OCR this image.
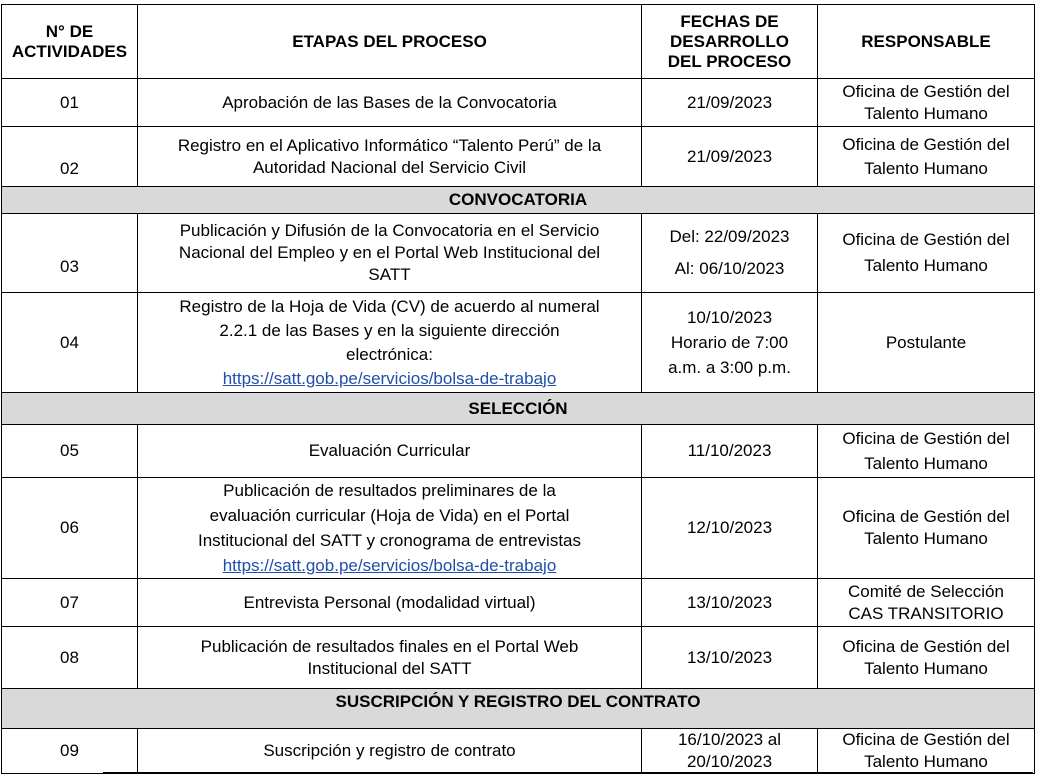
N° DE
ACTIVIDADES	ETAPAS DEL PROCESO	FECHAS DE
DESARROLLO
DEL PROCESO	RESPONSABLE
01	Aprobación de las Bases de la Convocatoria	21/09/2023	Oficina de Gestión del
Talento Humano
02	Registro en el Aplicativo Informático “Talento Perú” de la
Autoridad Nacional del Servicio Civil	21/09/2023	Oficina de Gestión del
Talento Humano
CONVOCATORIA			
03	Publicación y Difusión de la Convocatoria en el Servicio
Nacional del Empleo y en el Portal Web Institucional del
SATT	Del: 22/09/2023
Al: 06/10/2023	Oficina de Gestión del
Talento Humano
04	Registro de la Hoja de Vida (CV) de acuerdo al numeral
2.2.1 de las Bases y en la siguiente dirección
electrónica:
https://satt.gob.pe/servicios/bolsa-de-trabajo	10/10/2023
Horario de 7:00
a.m. a 3:00 p.m.	Postulante
SELECCIÓN			
05	Evaluación Curricular	11/10/2023	Oficina de Gestión del
Talento Humano
06	Publicación de resultados preliminares de la
evaluación curricular (Hoja de Vida) en el Portal
Institucional del SATT y cronograma de entrevistas
https://satt.gob.pe/servicios/bolsa-de-trabajo	12/10/2023	Oficina de Gestión del
Talento Humano
07	Entrevista Personal (modalidad virtual)	13/10/2023	Comité de Selección
CAS TRANSITORIO
08	Publicación de resultados finales en el Portal Web
Institucional del SATT	13/10/2023	Oficina de Gestión del
Talento Humano
SUSCRIPCIÓN Y REGISTRO DEL CONTRATO			
09	Suscripción y registro de contrato	16/10/2023 al
20/10/2023	Oficina de Gestión del
Talento Humano
